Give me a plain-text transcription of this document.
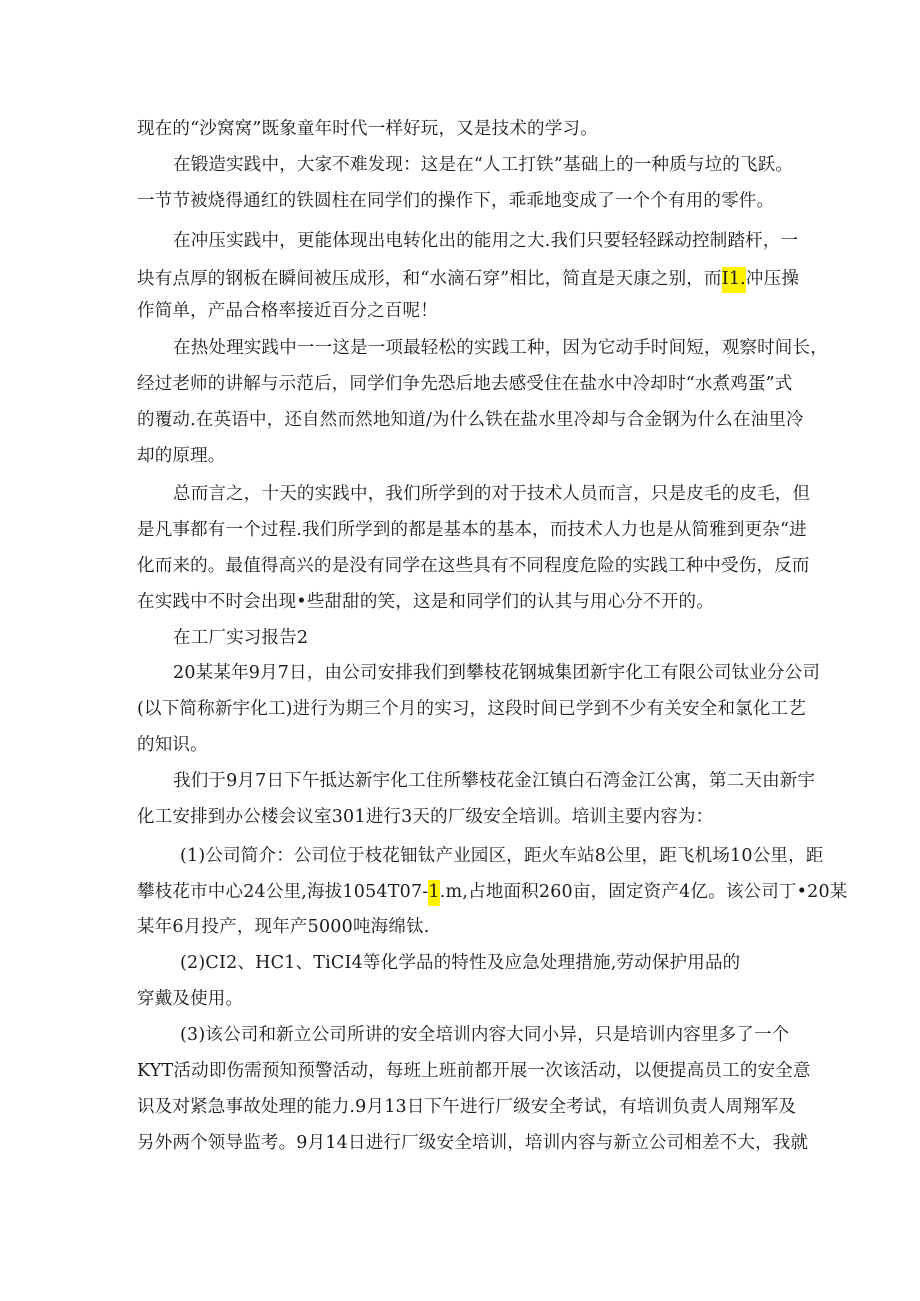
现在的“沙窝窝”既象童年时代一样好玩，又是技术的学习。
在锻造实践中，大家不难发现：这是在“人工打铁”基础上的一种质与垃的飞跃。
一节节被烧得通红的铁圆柱在同学们的操作下，乖乖地变成了一个个有用的零件。
在冲压实践中，更能体现出电转化出的能用之大.我们只要轻轻踩动控制踏杆，一
块有点厚的钢板在瞬间被压成形，和“水滴石穿”相比，简直是天康之别，而I1.冲压操
作简单，产品合格率接近百分之百呢！
在热处理实践中一一这是一项最轻松的实践工种，因为它动手时间短，观察时间长，
经过老师的讲解与示范后，同学们争先恐后地去感受住在盐水中冷却时“水煮鸡蛋”式
的覆动.在英语中，还自然而然地知道/为什么铁在盐水里冷却与合金钢为什么在油里冷
却的原理。
总而言之，十天的实践中，我们所学到的对于技术人员而言，只是皮毛的皮毛，但
是凡事都有一个过程.我们所学到的都是基本的基本，而技术人力也是从简雅到更杂“进
化而来的。最值得高兴的是没有同学在这些具有不同程度危险的实践工种中受伤，反而
在实践中不时会出现•些甜甜的笑，这是和同学们的认其与用心分不开的。
在工厂实习报告2
20某某年9月7日，由公司安排我们到攀枝花钢城集团新宇化工有限公司钛业分公司
(以下简称新宇化工)进行为期三个月的实习，这段时间已学到不少有关安全和氯化工艺
的知识。
我们于9月7日下午抵达新宇化工住所攀枝花金江镇白石湾金江公寓，第二天由新宇
化工安排到办公楼会议室301进行3天的厂级安全培训。培训主要内容为：
(1)公司简介：公司位于枝花钿钛产业园区，距火车站8公里，距飞机场10公里，距
攀枝花市中心24公里,海拔1054T07-1.m,占地面积260亩，固定资产4亿。该公司丁•20某
某年6月投产，现年产5000吨海绵钛.
(2)CI2、HC1、TiCI4等化学品的特性及应急处理措施,劳动保护用品的
穿戴及使用。
(3)该公司和新立公司所讲的安全培训内容大同小异，只是培训内容里多了一个
KYT活动即伤需预知预警活动，每班上班前都开展一次该活动，以便提高员工的安全意
识及对紧急事故处理的能力.9月13日下午进行厂级安全考试，有培训负责人周翔军及
另外两个领导监考。9月14日进行厂级安全培训，培训内容与新立公司相差不大，我就
